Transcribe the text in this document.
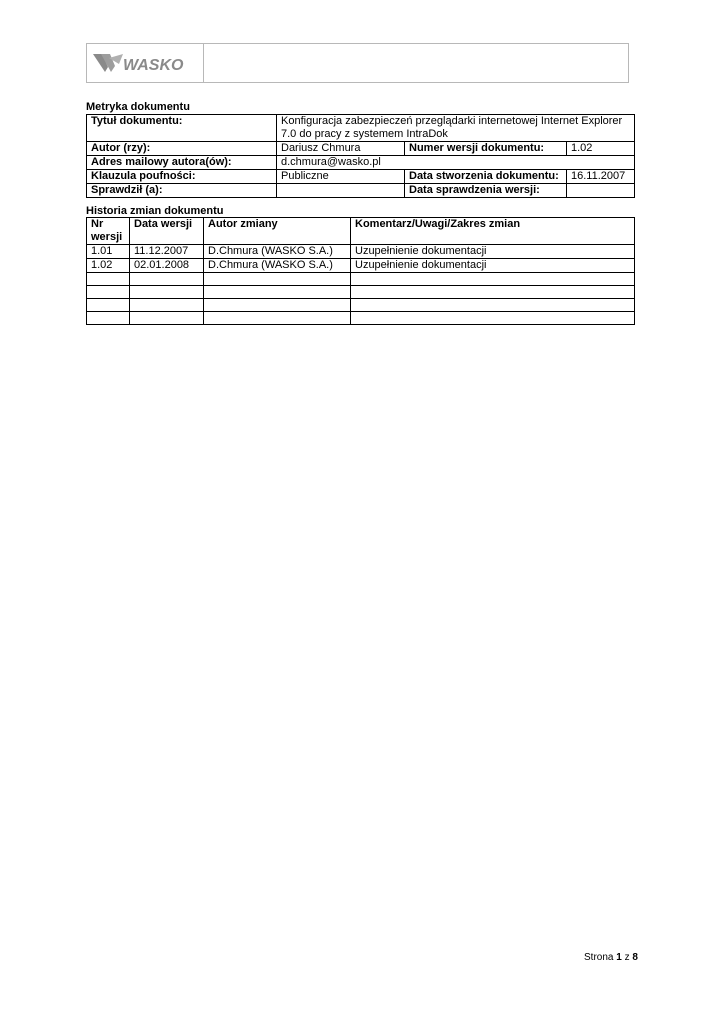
WASKO
Metryka dokumentu
Tytuł dokumentu:	Konfiguracja zabezpieczeń przeglądarki internetowej Internet Explorer 7.0 do pracy z systemem IntraDok		
Autor (rzy):	Dariusz Chmura	Numer wersji dokumentu:	1.02
Adres mailowy autora(ów):	d.chmura@wasko.pl		
Klauzula poufności:	Publiczne	Data stworzenia dokumentu:	16.11.2007
Sprawdził (a):		Data sprawdzenia wersji:	
Historia zmian dokumentu
Nr wersji	Data wersji	Autor zmiany	Komentarz/Uwagi/Zakres zmian
1.01	11.12.2007	D.Chmura (WASKO S.A.)	Uzupełnienie dokumentacji
1.02	02.01.2008	D.Chmura (WASKO S.A.)	Uzupełnienie dokumentacji

Strona 1 z 8
